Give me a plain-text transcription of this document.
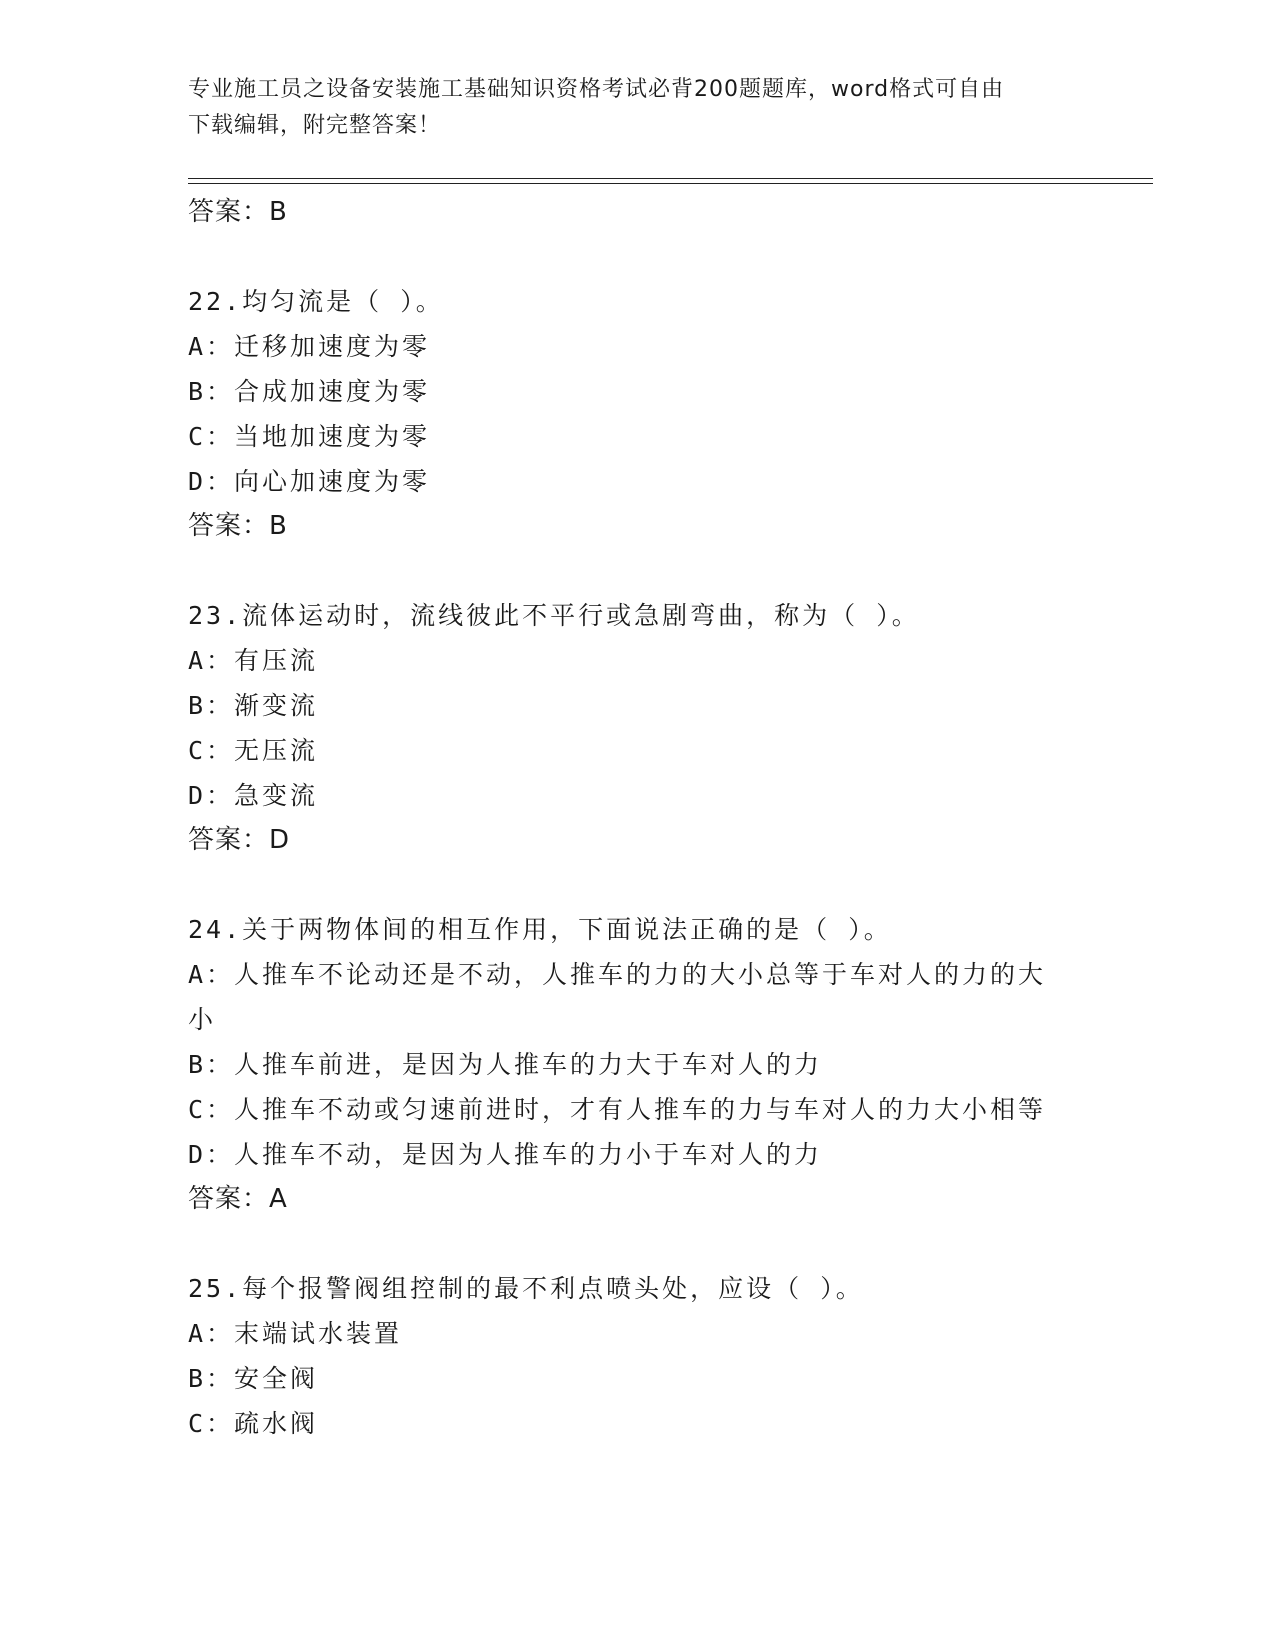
专业施工员之设备安装施工基础知识资格考试必背200题题库，word格式可自由
下载编辑，附完整答案！
答案：B
22.均匀流是（ ）。
A：迁移加速度为零
B：合成加速度为零
C：当地加速度为零
D：向心加速度为零
答案：B
23.流体运动时，流线彼此不平行或急剧弯曲，称为（ ）。
A：有压流
B：渐变流
C：无压流
D：急变流
答案：D
24.关于两物体间的相互作用，下面说法正确的是（ ）。
A：人推车不论动还是不动，人推车的力的大小总等于车对人的力的大
小
B：人推车前进，是因为人推车的力大于车对人的力
C：人推车不动或匀速前进时，才有人推车的力与车对人的力大小相等
D：人推车不动，是因为人推车的力小于车对人的力
答案：A
25.每个报警阀组控制的最不利点喷头处，应设（ ）。
A：末端试水装置
B：安全阀
C：疏水阀
